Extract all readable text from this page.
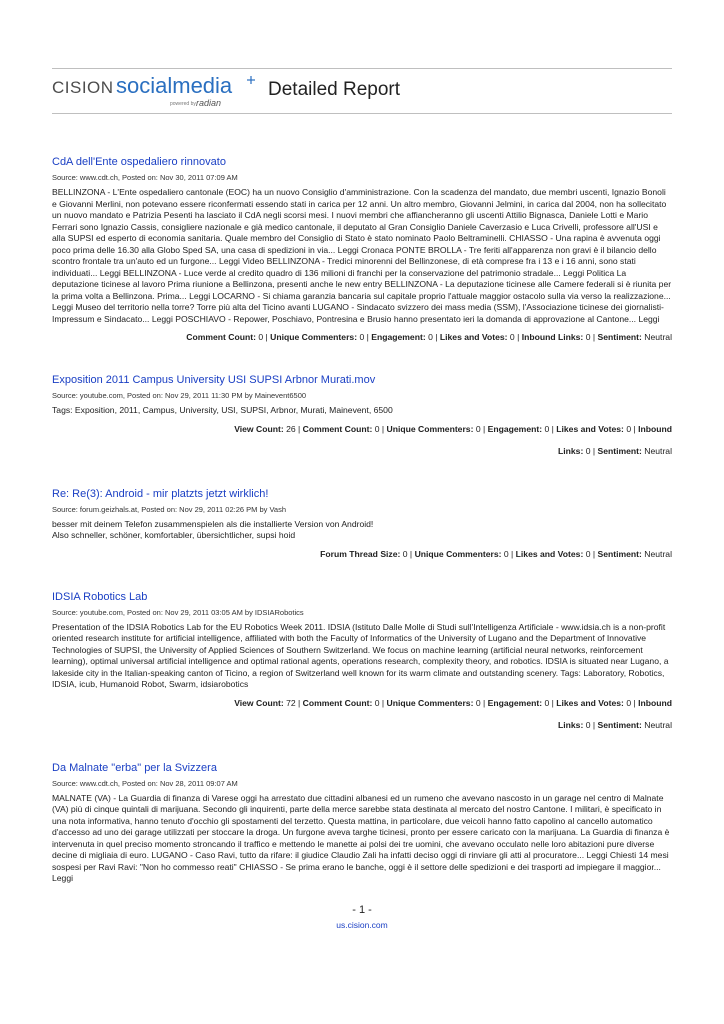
CISION socialmedia
powered by radian
Detailed Report
CdA dell'Ente ospedaliero rinnovato
Source: www.cdt.ch, Posted on: Nov 30, 2011 07:09 AM
BELLINZONA - L'Ente ospedaliero cantonale (EOC) ha un nuovo Consiglio d'amministrazione. Con la scadenza del mandato, due membri uscenti, Ignazio Bonoli e Giovanni Merlini, non potevano essere riconfermati essendo stati in carica per 12 anni. Un altro membro, Giovanni Jelmini, in carica dal 2004, non ha sollecitato un nuovo mandato e Patrizia Pesenti ha lasciato il CdA negli scorsi mesi. I nuovi membri che affiancheranno gli uscenti Attilio Bignasca, Daniele Lotti e Mario Ferrari sono Ignazio Cassis, consigliere nazionale e già medico cantonale, il deputato al Gran Consiglio Daniele Caverzasio e Luca Crivelli, professore all'USI e alla SUPSI ed esperto di economia sanitaria. Quale membro del Consiglio di Stato è stato nominato Paolo Beltraminelli. CHIASSO - Una rapina è avvenuta oggi poco prima delle 16.30 alla Globo Sped SA, una casa di spedizioni in via... Leggi Cronaca PONTE BROLLA - Tre feriti all'apparenza non gravi è il bilancio dello scontro frontale tra un'auto ed un furgone... Leggi Video BELLINZONA - Tredici minorenni del Bellinzonese, di età comprese fra i 13 e i 16 anni, sono stati individuati... Leggi BELLINZONA - Luce verde al credito quadro di 136 milioni di franchi per la conservazione del patrimonio stradale... Leggi Politica La deputazione ticinese al lavoro Prima riunione a Bellinzona, presenti anche le new entry BELLINZONA - La deputazione ticinese alle Camere federali si è riunita per la prima volta a Bellinzona. Prima... Leggi LOCARNO - Si chiama garanzia bancaria sul capitale proprio l'attuale maggior ostacolo sulla via verso la realizzazione... Leggi Museo del territorio nella torre? Torre più alta del Ticino avanti LUGANO - Sindacato svizzero dei mass media (SSM), l'Associazione ticinese dei giornalisti-Impressum e Sindacato... Leggi POSCHIAVO - Repower, Poschiavo, Pontresina e Brusio hanno presentato ieri la domanda di approvazione al Cantone... Leggi
Comment Count: 0 | Unique Commenters: 0 | Engagement: 0 | Likes and Votes: 0 | Inbound Links: 0 | Sentiment: Neutral
Exposition 2011 Campus University USI SUPSI Arbnor Murati.mov
Source: youtube.com, Posted on: Nov 29, 2011 11:30 PM by Mainevent6500
Tags: Exposition, 2011, Campus, University, USI, SUPSI, Arbnor, Murati, Mainevent, 6500
View Count: 26 | Comment Count: 0 | Unique Commenters: 0 | Engagement: 0 | Likes and Votes: 0 | Inbound
Links: 0 | Sentiment: Neutral
Re: Re(3): Android - mir platzts jetzt wirklich!
Source: forum.geizhals.at, Posted on: Nov 29, 2011 02:26 PM by Vash
besser mit deinem Telefon zusammenspielen als die installierte Version von Android!
Also schneller, schöner, komfortabler, übersichtlicher, supsi hoid
Forum Thread Size: 0 | Unique Commenters: 0 | Likes and Votes: 0 | Sentiment: Neutral
IDSIA Robotics Lab
Source: youtube.com, Posted on: Nov 29, 2011 03:05 AM by IDSIARobotics
Presentation of the IDSIA Robotics Lab for the EU Robotics Week 2011. IDSIA (Istituto Dalle Molle di Studi sull'Intelligenza Artificiale - www.idsia.ch is a non-profit oriented research institute for artificial intelligence, affiliated with both the Faculty of Informatics of the University of Lugano and the Department of Innovative Technologies of SUPSI, the University of Applied Sciences of Southern Switzerland. We focus on machine learning (artificial neural networks, reinforcement learning), optimal universal artificial intelligence and optimal rational agents, operations research, complexity theory, and robotics. IDSIA is situated near Lugano, a lakeside city in the Italian-speaking canton of Ticino, a region of Switzerland well known for its warm climate and outstanding scenery. Tags: Laboratory, Robotics, IDSIA, icub, Humanoid Robot, Swarm, idsiarobotics
View Count: 72 | Comment Count: 0 | Unique Commenters: 0 | Engagement: 0 | Likes and Votes: 0 | Inbound
Links: 0 | Sentiment: Neutral
Da Malnate "erba" per la Svizzera
Source: www.cdt.ch, Posted on: Nov 28, 2011 09:07 AM
MALNATE (VA) - La Guardia di finanza di Varese oggi ha arrestato due cittadini albanesi ed un rumeno che avevano nascosto in un garage nel centro di Malnate (VA) più di cinque quintali di marijuana. Secondo gli inquirenti, parte della merce sarebbe stata destinata al mercato del nostro Cantone. I militari, è specificato in una nota informativa, hanno tenuto d'occhio gli spostamenti del terzetto. Questa mattina, in particolare, due veicoli hanno fatto capolino al cancello automatico d'accesso ad uno dei garage utilizzati per stoccare la droga. Un furgone aveva targhe ticinesi, pronto per essere caricato con la marijuana. La Guardia di finanza è intervenuta in quel preciso momento stroncando il traffico e mettendo le manette ai polsi dei tre uomini, che avevano occulato nelle loro abitazioni pure diverse decine di migliaia di euro. LUGANO - Caso Ravi, tutto da rifare: il giudice Claudio Zali ha infatti deciso oggi di rinviare gli atti al procuratore... Leggi Chiesti 14 mesi sospesi per Ravi Ravi: "Non ho commesso reati" CHIASSO - Se prima erano le banche, oggi è il settore delle spedizioni e dei trasporti ad impiegare il maggior... Leggi
- 1 -
us.cision.com
